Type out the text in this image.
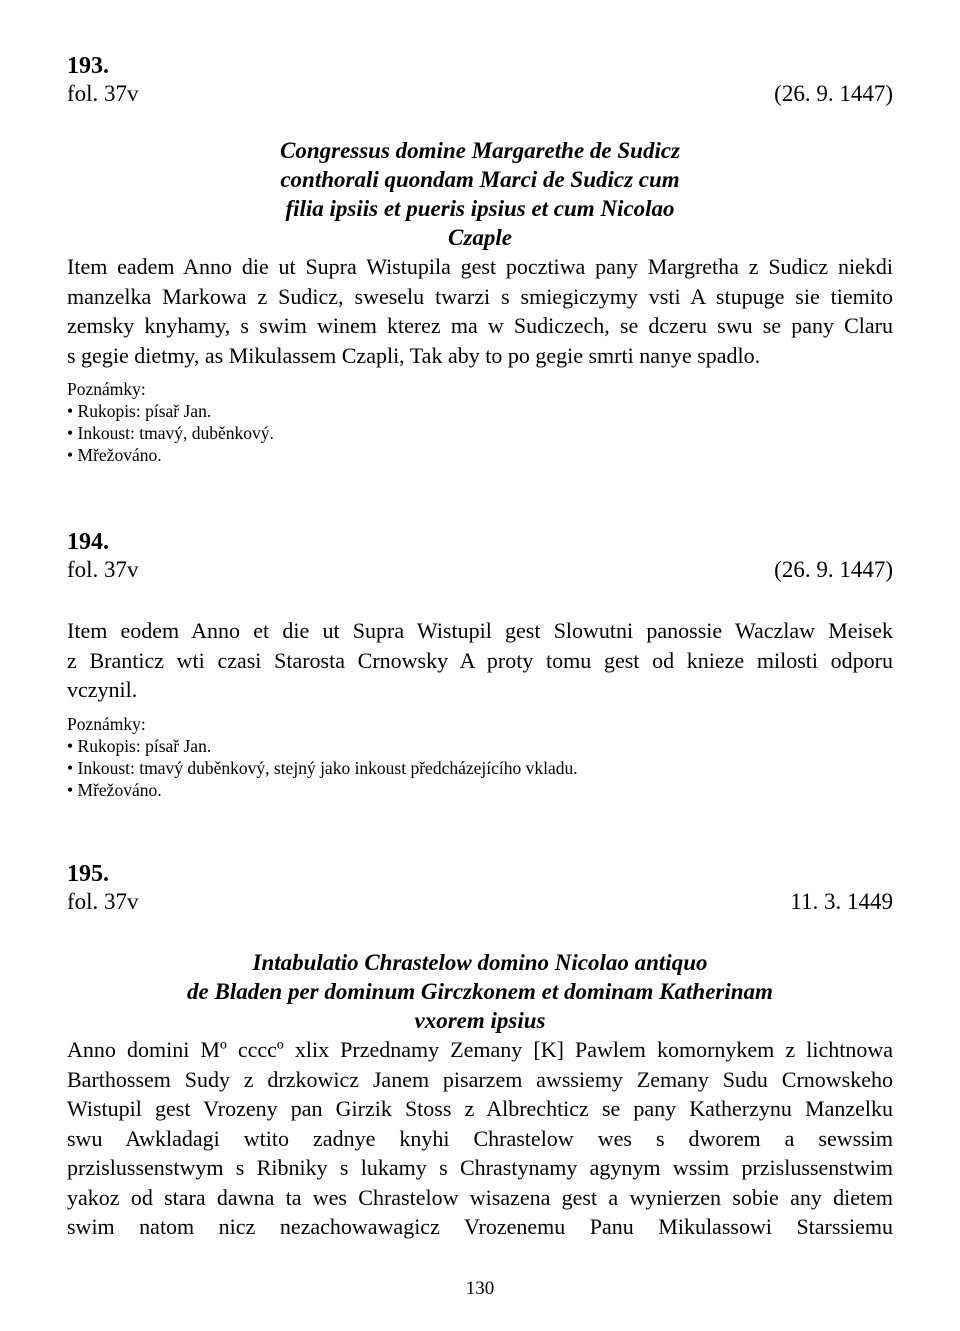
193.

fol. 37v	(26. 9. 1447)
Congressus domine Margarethe de Sudicz
conthorali quondam Marci de Sudicz cum
filia ipsiis et pueris ipsius et cum Nicolao
Czaple
Item eadem Anno die ut Supra Wistupila gest pocztiwa pany Margretha z Sudicz niekdi
manzelka Markowa z Sudicz, sweselu twarzi s smiegiczymy vsti A stupuge sie tiemito
zemsky knyhamy, s swim winem kterez ma w Sudiczech, se dczeru swu se pany Claru
s gegie dietmy, as Mikulassem Czapli, Tak aby to po gegie smrti nanye spadlo.
Poznámky:
• Rukopis: písař Jan.
• Inkoust: tmavý, duběnkový.
• Mřežováno.

194.

fol. 37v	(26. 9. 1447)
Item eodem Anno et die ut Supra Wistupil gest Slowutni panossie Waczlaw Meisek
z Branticz wti czasi Starosta Crnowsky A proty tomu gest od knieze milosti odporu
vczynil.
Poznámky:
• Rukopis: písař Jan.
• Inkoust: tmavý duběnkový, stejný jako inkoust předcházejícího vkladu.
• Mřežováno.

195.

fol. 37v	11. 3. 1449
Intabulatio Chrastelow domino Nicolao antiquo
de Bladen per dominum Girczkonem et dominam Katherinam
vxorem ipsius
Anno domini Mº ccccº xlix Przednamy Zemany [K] Pawlem komornykem z lichtnowa
Barthossem Sudy z drzkowicz Janem pisarzem awssiemy Zemany Sudu Crnowskeho
Wistupil gest Vrozeny pan Girzik Stoss z Albrechticz se pany Katherzynu Manzelku
swu Awkladagi wtito zadnye knyhi Chrastelow wes s dworem a sewssim
przislussenstwym s Ribniky s lukamy s Chrastynamy agynym wssim przislussenstwim
yakoz od stara dawna ta wes Chrastelow wisazena gest a wynierzen sobie any dietem
swim natom nicz nezachowawagicz Vrozenemu Panu Mikulassowi Starssiemu
130
